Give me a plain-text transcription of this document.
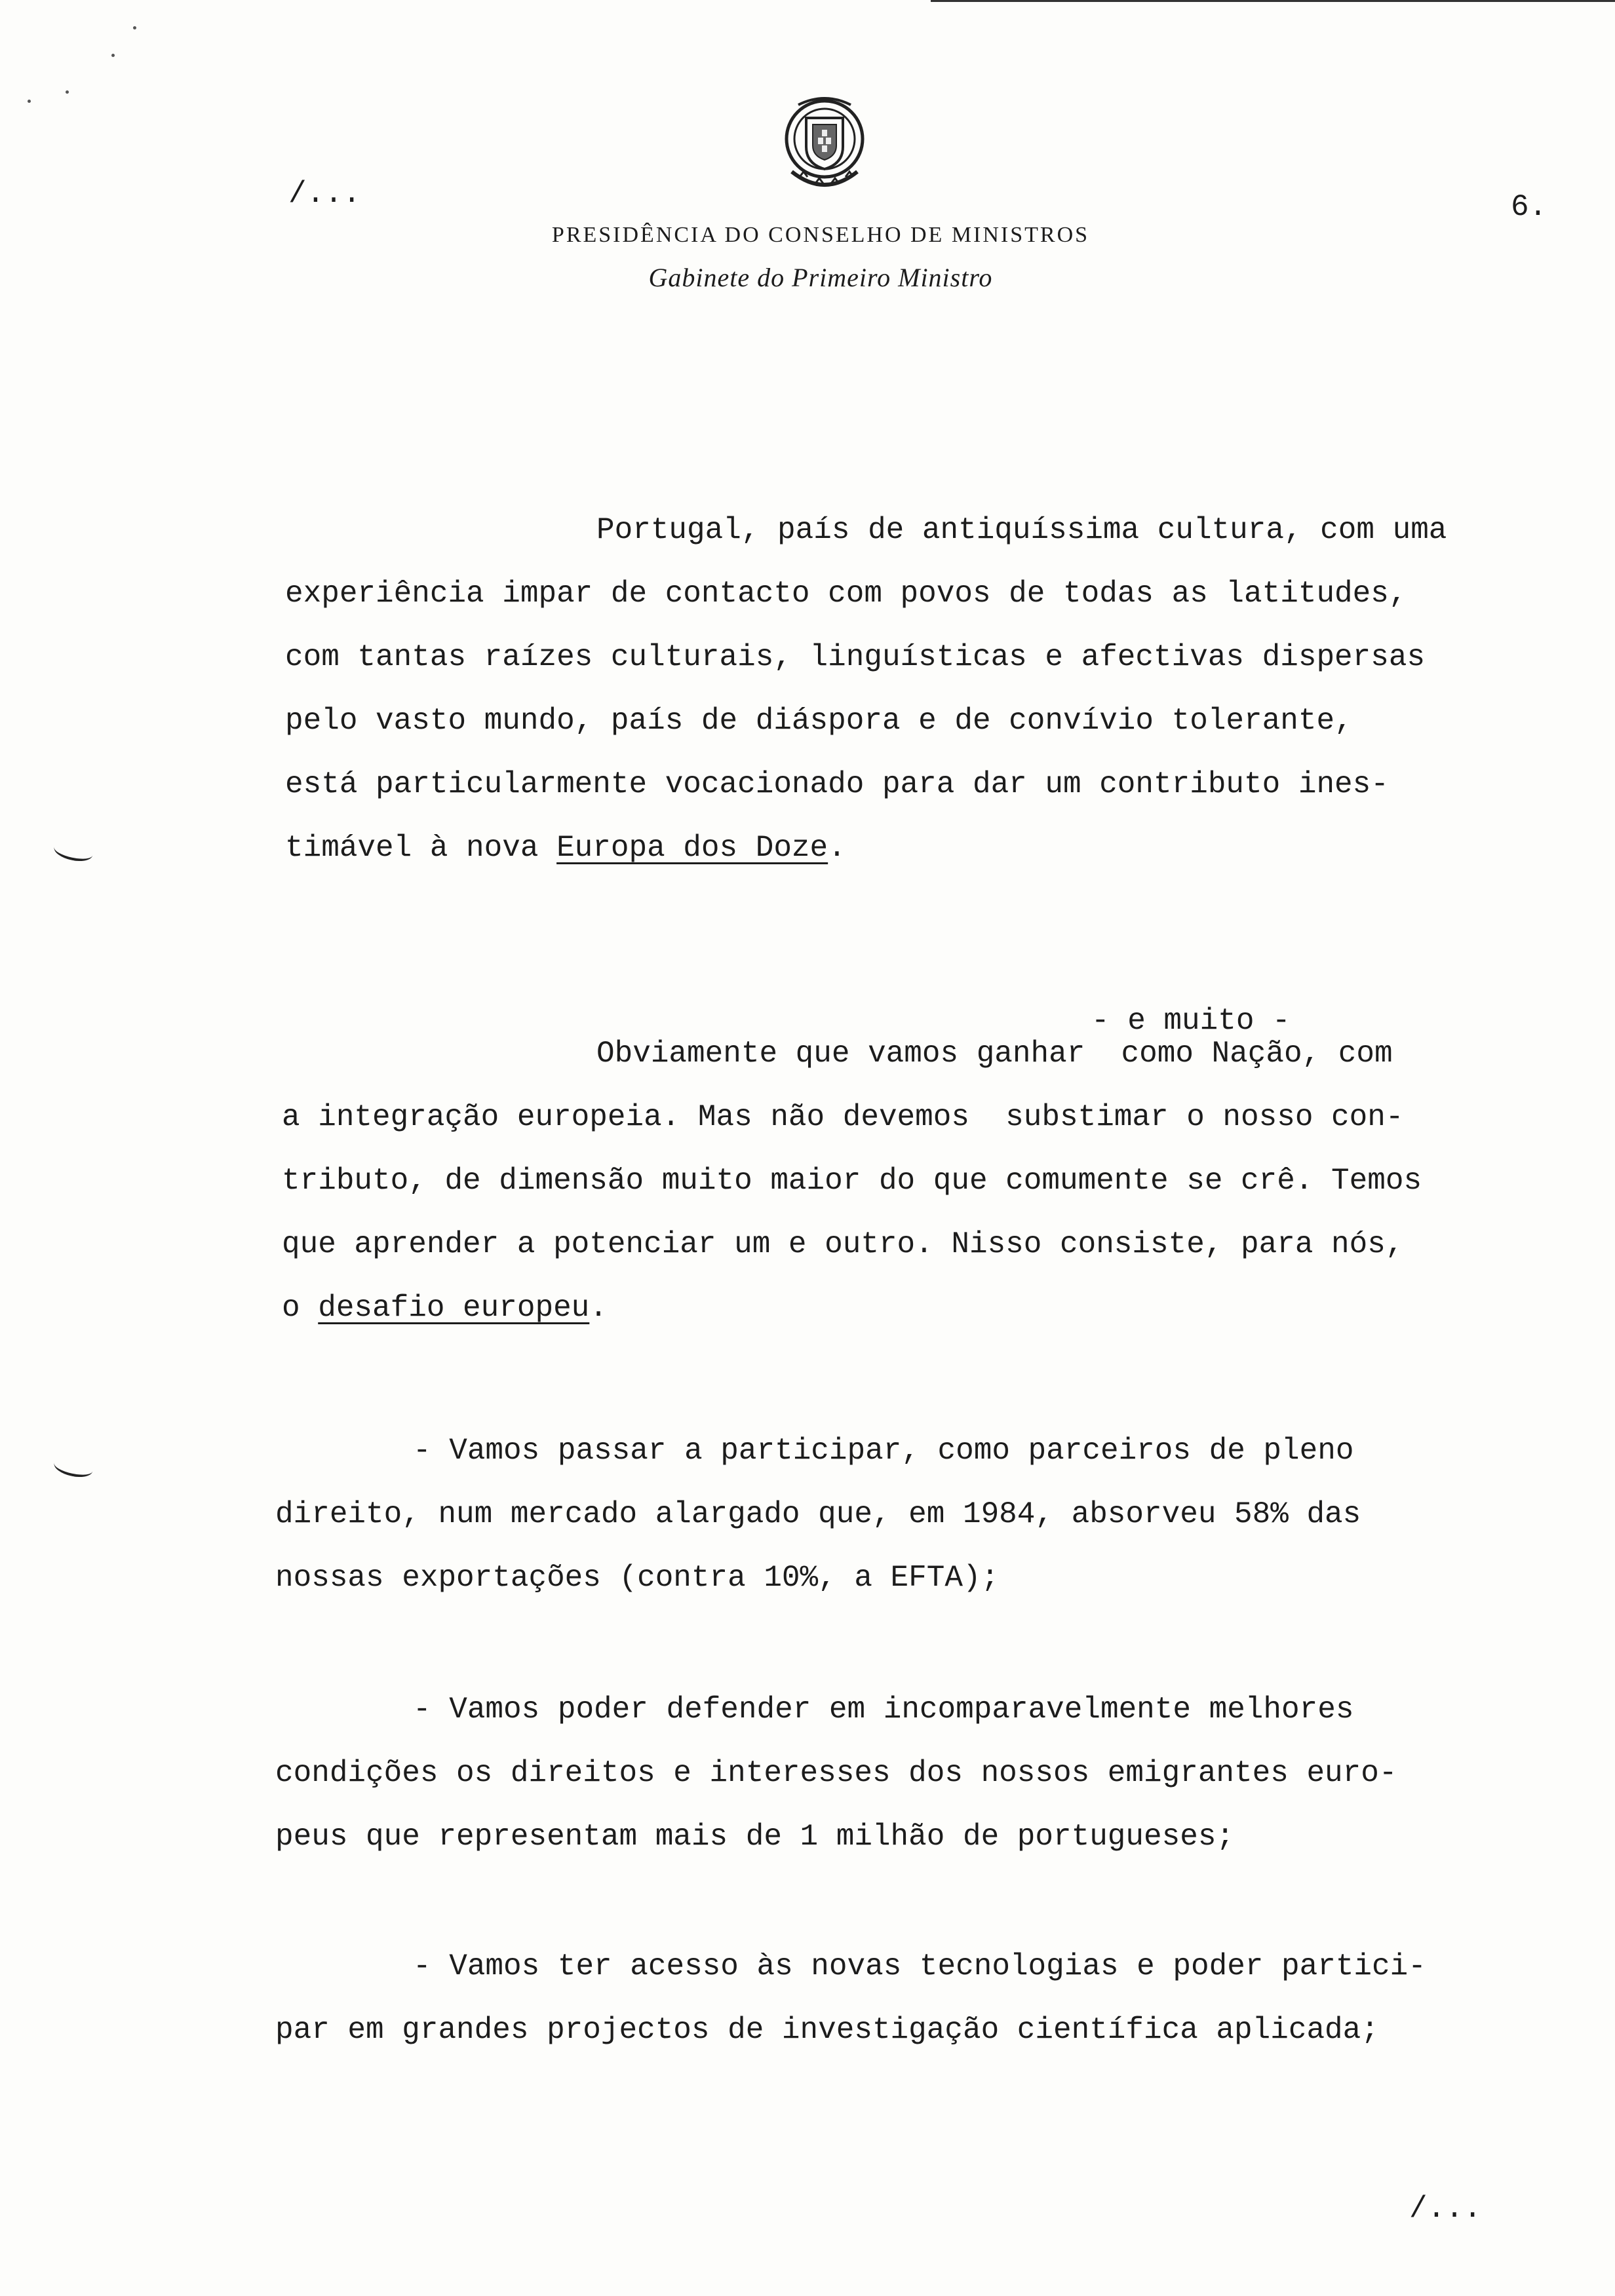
/...	6.
PRESIDÊNCIA DO CONSELHO DE MINISTROS
Gabinete do Primeiro Ministro
Portugal, país de antiquíssima cultura, com uma
experiência impar de contacto com povos de todas as latitudes,
com tantas raízes culturais, linguísticas e afectivas dispersas
pelo vasto mundo, país de diáspora e de convívio tolerante,
está particularmente vocacionado para dar um contributo ines-
timável à nova Europa dos Doze.
- e muito -
Obviamente que vamos ganhar  como Nação, com
a integração europeia. Mas não devemos  substimar o nosso con-
tributo, de dimensão muito maior do que comumente se crê. Temos
que aprender a potenciar um e outro. Nisso consiste, para nós,
o desafio europeu.
- Vamos passar a participar, como parceiros de pleno
direito, num mercado alargado que, em 1984, absorveu 58% das
nossas exportações (contra 10%, a EFTA);
- Vamos poder defender em incomparavelmente melhores
condições os direitos e interesses dos nossos emigrantes euro-
peus que representam mais de 1 milhão de portugueses;
- Vamos ter acesso às novas tecnologias e poder partici-
par em grandes projectos de investigação científica aplicada;
/...
